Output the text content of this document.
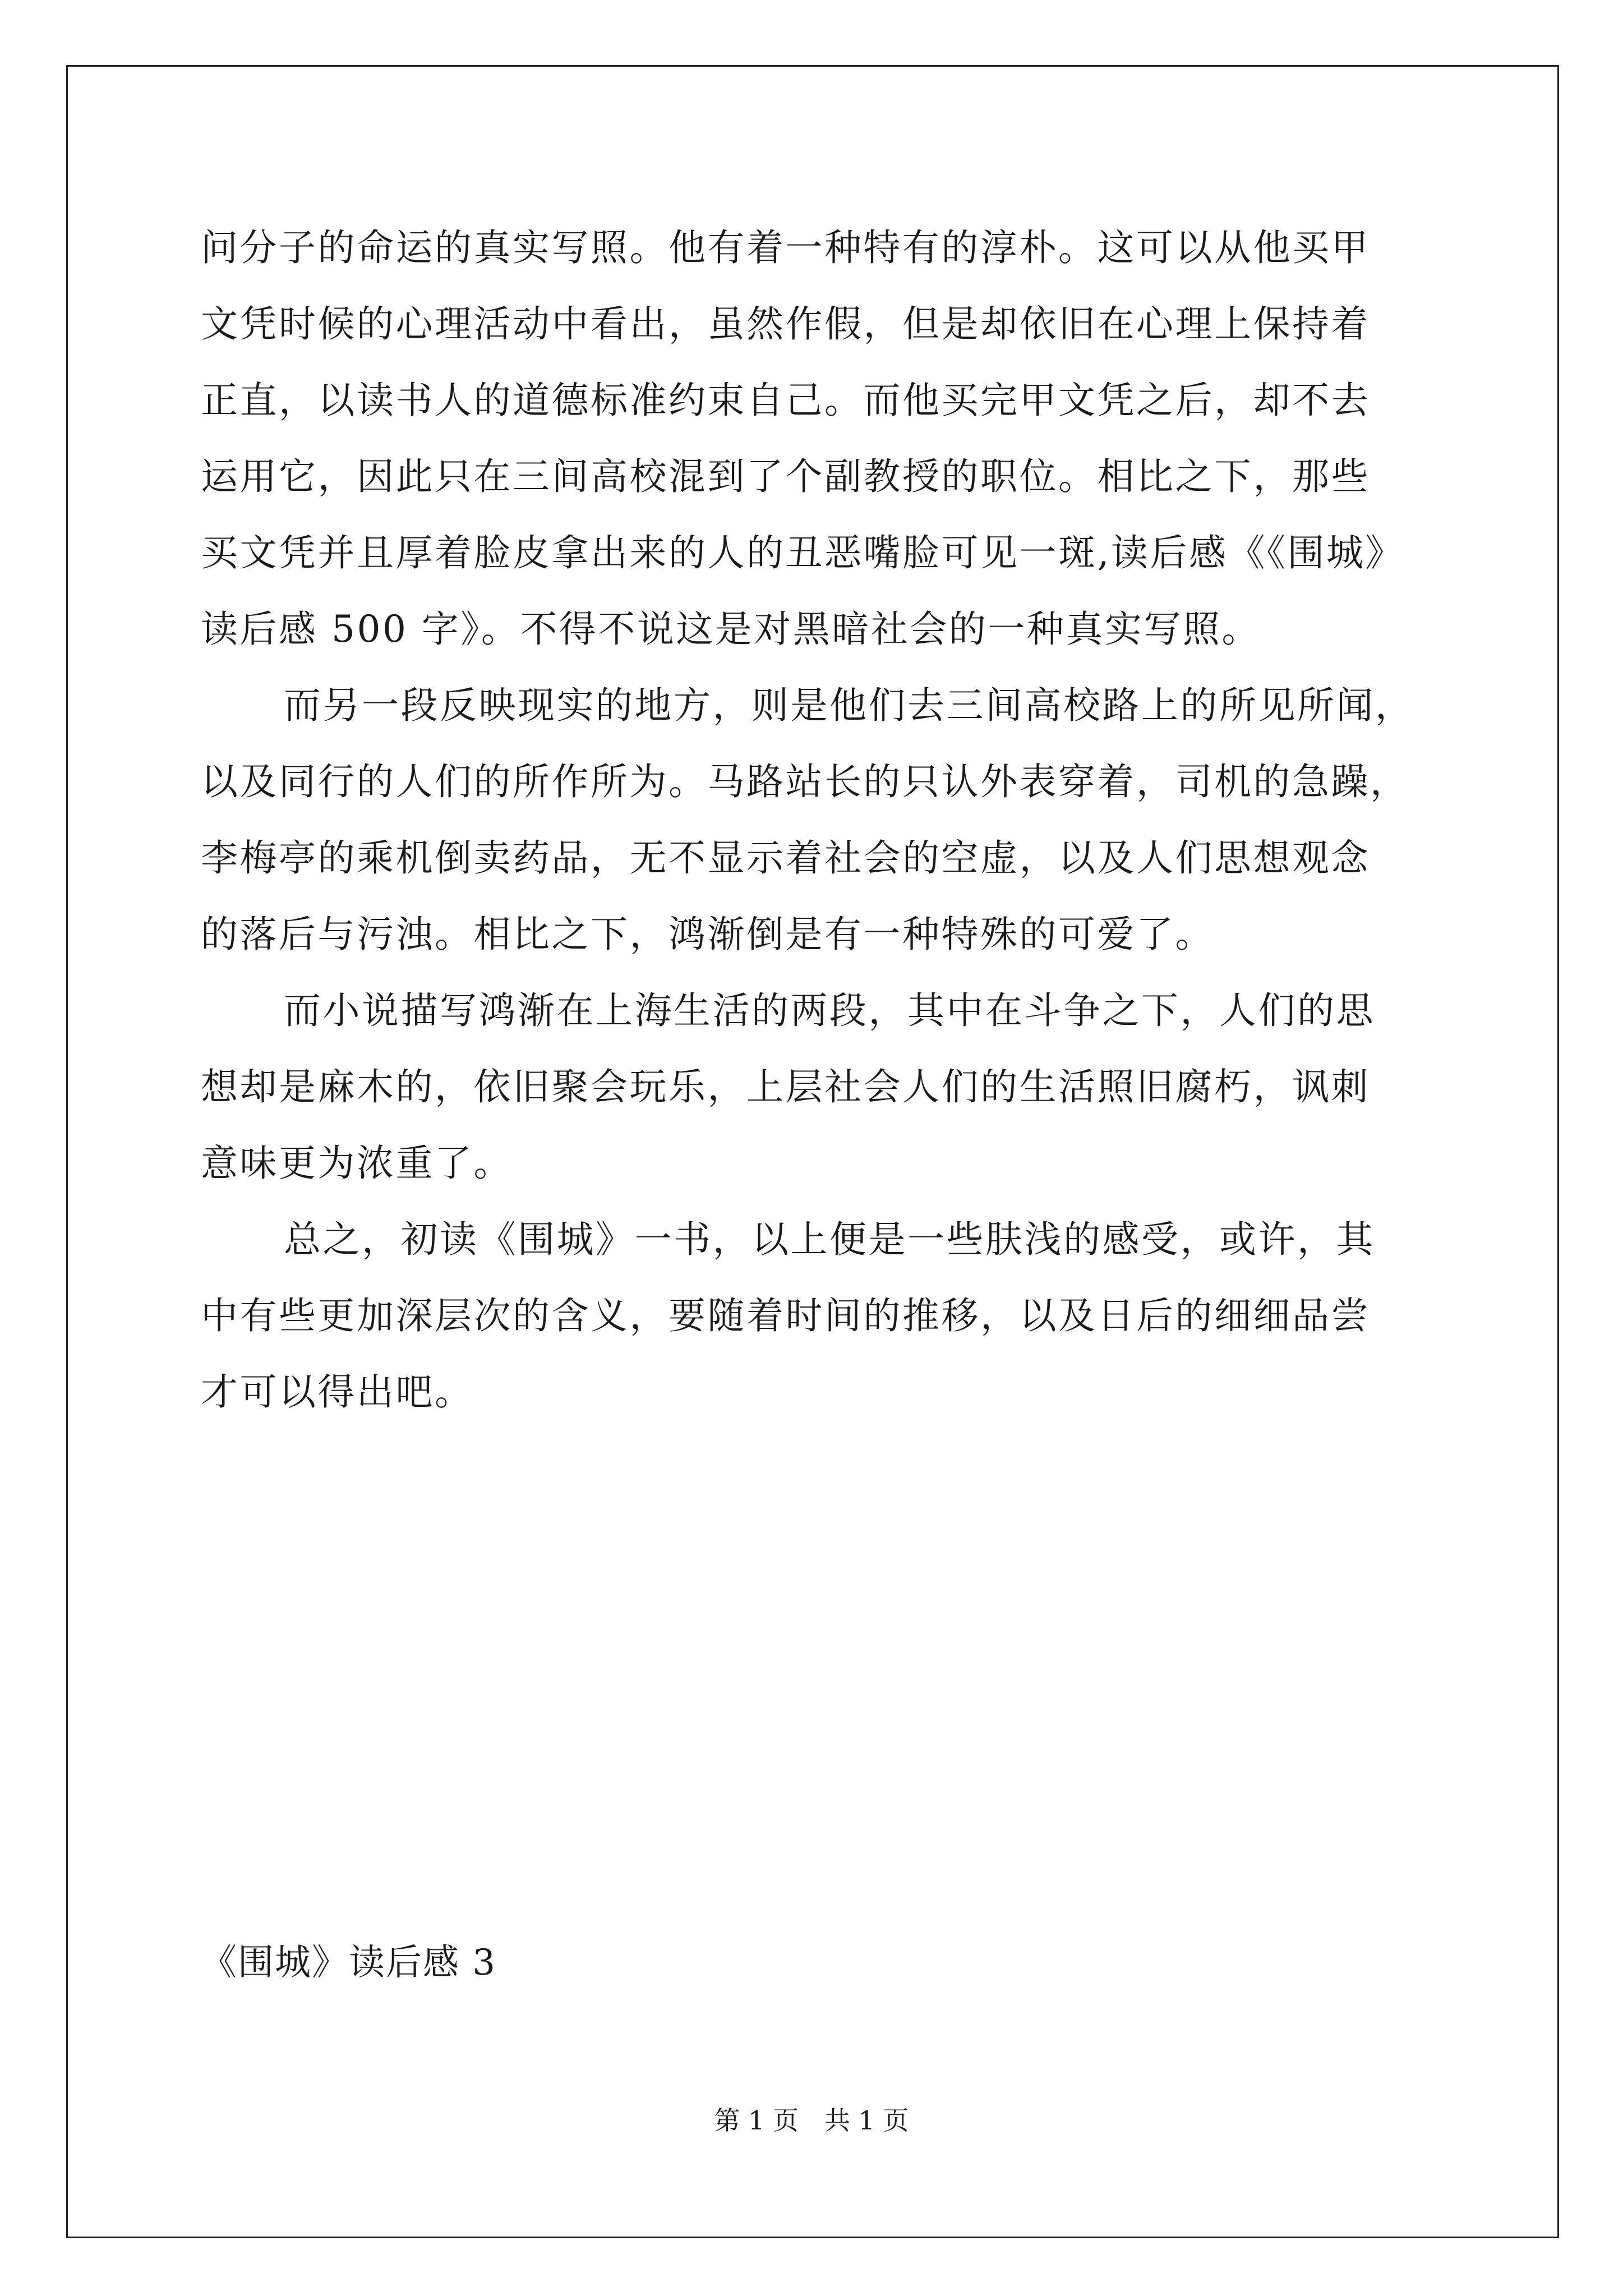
问分子的命运的真实写照。他有着一种特有的淳朴。这可以从他买甲
文凭时候的心理活动中看出，虽然作假，但是却依旧在心理上保持着
正直，以读书人的道德标准约束自己。而他买完甲文凭之后，却不去
运用它，因此只在三间高校混到了个副教授的职位。相比之下，那些
买文凭并且厚着脸皮拿出来的人的丑恶嘴脸可见一斑,读后感《《围城》
读后感 500 字》。不得不说这是对黑暗社会的一种真实写照。
而另一段反映现实的地方，则是他们去三间高校路上的所见所闻，
以及同行的人们的所作所为。马路站长的只认外表穿着，司机的急躁，
李梅亭的乘机倒卖药品，无不显示着社会的空虚，以及人们思想观念
的落后与污浊。相比之下，鸿渐倒是有一种特殊的可爱了。
而小说描写鸿渐在上海生活的两段，其中在斗争之下，人们的思
想却是麻木的，依旧聚会玩乐，上层社会人们的生活照旧腐朽，讽刺
意味更为浓重了。
总之，初读《围城》一书，以上便是一些肤浅的感受，或许，其
中有些更加深层次的含义，要随着时间的推移，以及日后的细细品尝
才可以得出吧。
《围城》读后感 3
第 1 页　共 1 页
